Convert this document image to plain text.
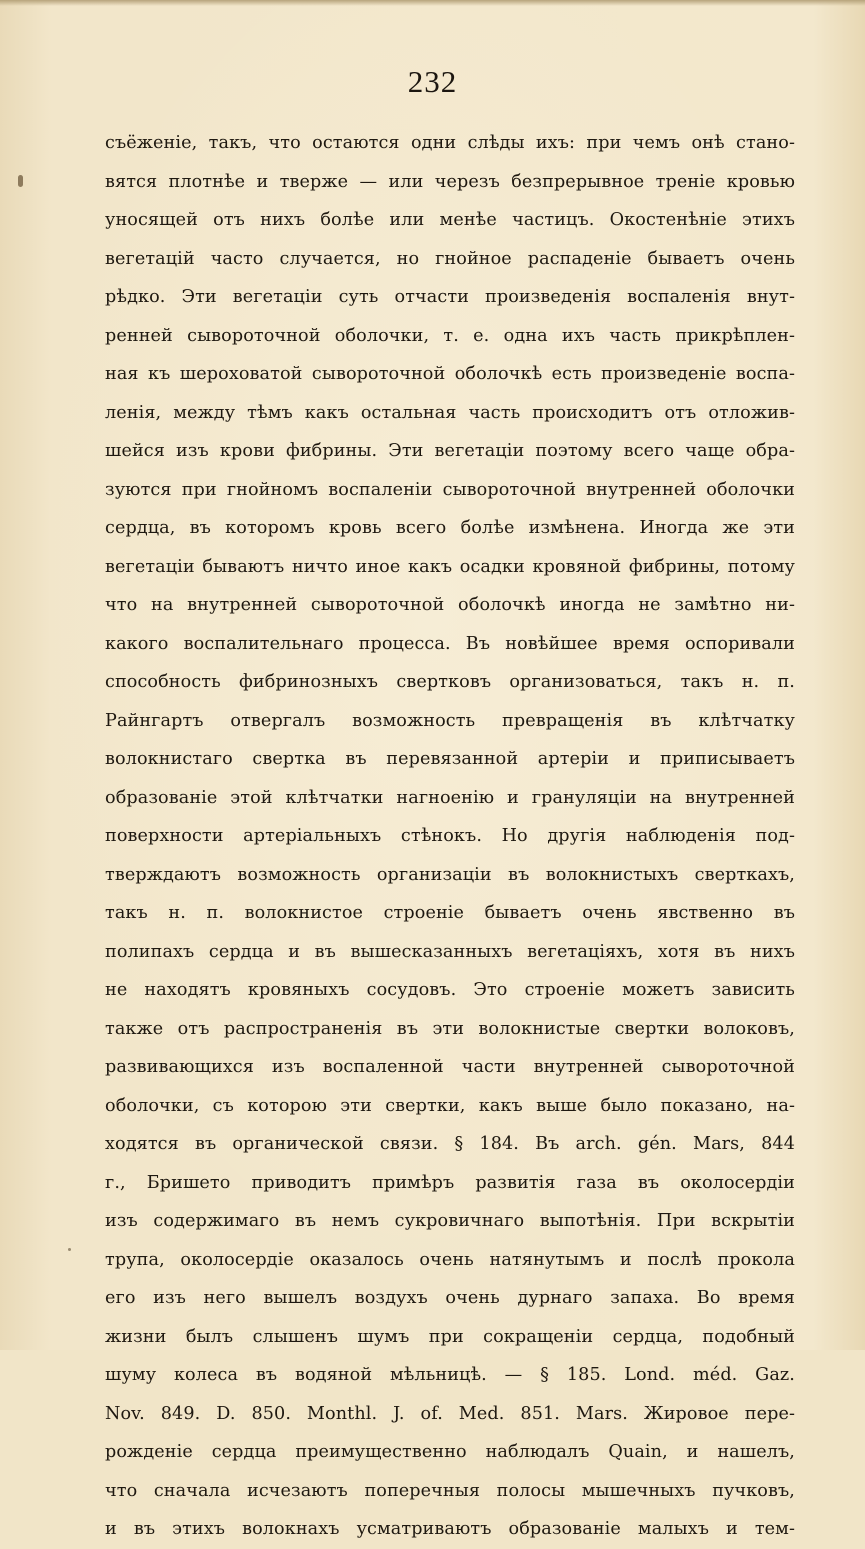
232
съёженіе, такъ, что остаются одни слѣды ихъ: при чемъ онѣ стано-
вятся плотнѣе и тверже — или черезъ безпрерывное треніе кровью
уносящей отъ нихъ болѣе или менѣе частицъ. Окостенѣніе этихъ
вегетацій часто случается, но гнойное распаденіе бываетъ очень
рѣдко. Эти вегетаціи суть отчасти произведенія воспаленія внут-
ренней сывороточной оболочки, т. е. одна ихъ часть прикрѣплен-
ная къ шероховатой сывороточной оболочкѣ есть произведеніе воспа-
ленія, между тѣмъ какъ остальная часть происходитъ отъ отложив-
шейся изъ крови фибрины. Эти вегетаціи поэтому всего чаще обра-
зуются при гнойномъ воспаленіи сывороточной внутренней оболочки
сердца, въ которомъ кровь всего болѣе измѣнена. Иногда же эти
вегетаціи бываютъ ничто иное какъ осадки кровяной фибрины, потому
что на внутренней сывороточной оболочкѣ иногда не замѣтно ни-
какого воспалительнаго процесса. Въ новѣйшее время оспоривали
способность фибринозныхъ свертковъ организоваться, такъ н. п.
Райнгартъ отвергалъ возможность превращенія въ клѣтчатку
волокнистаго свертка въ перевязанной артеріи и приписываетъ
образованіе этой клѣтчатки нагноенію и грануляціи на внутренней
поверхности артеріальныхъ стѣнокъ. Но другія наблюденія под-
тверждаютъ возможность организаціи въ волокнистыхъ сверткахъ,
такъ н. п. волокнистое строеніе бываетъ очень явственно въ
полипахъ сердца и въ вышесказанныхъ вегетаціяхъ, хотя въ нихъ
не находятъ кровяныхъ сосудовъ. Это строеніе можетъ зависить
также отъ распространенія въ эти волокнистые свертки волоковъ,
развивающихся изъ воспаленной части внутренней сывороточной
оболочки, съ которою эти свертки, какъ выше было показано, на-
ходятся въ органической связи. § 184. Въ arch. gén. Mars, 844
г., Бришето приводитъ примѣръ развитія газа въ околосердіи
изъ содержимаго въ немъ сукровичнаго выпотѣнія. При вскрытіи
трупа, околосердіе оказалось очень натянутымъ и послѣ прокола
его изъ него вышелъ воздухъ очень дурнаго запаха. Во время
жизни былъ слышенъ шумъ при сокращеніи сердца, подобный
шуму колеса въ водяной мѣльницѣ. — § 185. Lond. méd. Gaz.
Nov. 849. D. 850. Monthl. J. of. Med. 851. Mars. Жировое пере-
рожденіе сердца преимущественно наблюдалъ Quain, и нашелъ,
что сначала исчезаютъ поперечныя полосы мышечныхъ пучковъ,
и въ этихъ волокнахъ усматриваютъ образованіе малыхъ и тем-
